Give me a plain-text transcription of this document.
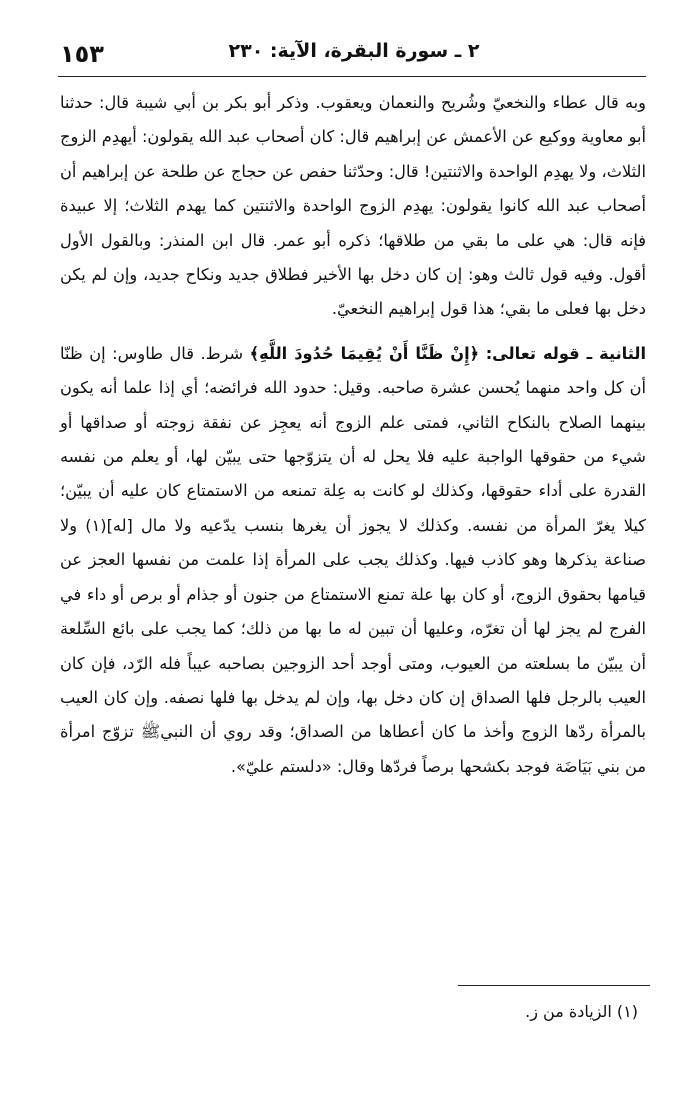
٢ ـ سورة البقرة، الآية: ٢٣٠
١٥٣

وبه قال عطاء والنخعيّ وشُريح والنعمان ويعقوب. وذكر أبو بكر بن أبي شيبة قال: حدثنا أبو معاوية ووكيع عن الأعمش عن إبراهيم قال: كان أصحاب عبد الله يقولون: أيهدِم الزوج الثلاث، ولا يهدِم الواحدة والاثنتين! قال: وحدّثنا حفص عن حجاج عن طلحة عن إبراهيم أن أصحاب عبد الله كانوا يقولون: يهدِم الزوج الواحدة والاثنتين كما يهدم الثلاث؛ إلا عبيدة فإنه قال: هي على ما بقي من طلاقها؛ ذكره أبو عمر. قال ابن المنذر: وبالقول الأول أقول. وفيه قول ثالث وهو: إن كان دخل بها الأخير فطلاق جديد ونكاح جديد، وإن لم يكن دخل بها فعلى ما بقي؛ هذا قول إبراهيم النخعيّ.

الثانية ـ قوله تعالى: ﴿إِنْ ظَنَّا أَنْ يُقِيمَا حُدُودَ اللَّهِ﴾ شرط. قال طاوس: إن ظنّا أن كل واحد منهما يُحسن عشرة صاحبه. وقيل: حدود الله فرائضه؛ أي إذا علما أنه يكون بينهما الصلاح بالنكاح الثاني، فمتى علم الزوج أنه يعجِز عن نفقة زوجته أو صداقها أو شيء من حقوقها الواجبة عليه فلا يحل له أن يتزوّجها حتى يبيّن لها، أو يعلم من نفسه القدرة على أداء حقوقها، وكذلك لو كانت به عِلة تمنعه من الاستمتاع كان عليه أن يبيّن؛ كيلا يغرّ المرأة من نفسه. وكذلك لا يجوز أن يغرها بنسب يدّعيه ولا مال [له](١) ولا صناعة يذكرها وهو كاذب فيها. وكذلك يجب على المرأة إذا علمت من نفسها العجز عن قيامها بحقوق الزوج، أو كان بها علة تمنع الاستمتاع من جنون أو جذام أو برص أو داء في الفرج لم يجز لها أن تغرّه، وعليها أن تبين له ما بها من ذلك؛ كما يجب على بائع السِّلعة أن يبيّن ما بسلعته من العيوب، ومتى أوجد أحد الزوجين بصاحبه عيباً فله الرّد، فإن كان العيب بالرجل فلها الصداق إن كان دخل بها، وإن لم يدخل بها فلها نصفه. وإن كان العيب بالمرأة ردّها الزوج وأخذ ما كان أعطاها من الصداق؛ وقد روي أن النبيﷺ تزوّج امرأة من بني بَيَاضَة فوجد بكشحها برصاً فردّها وقال: «دلستم عليّ».

(١) الزيادة من ز.
